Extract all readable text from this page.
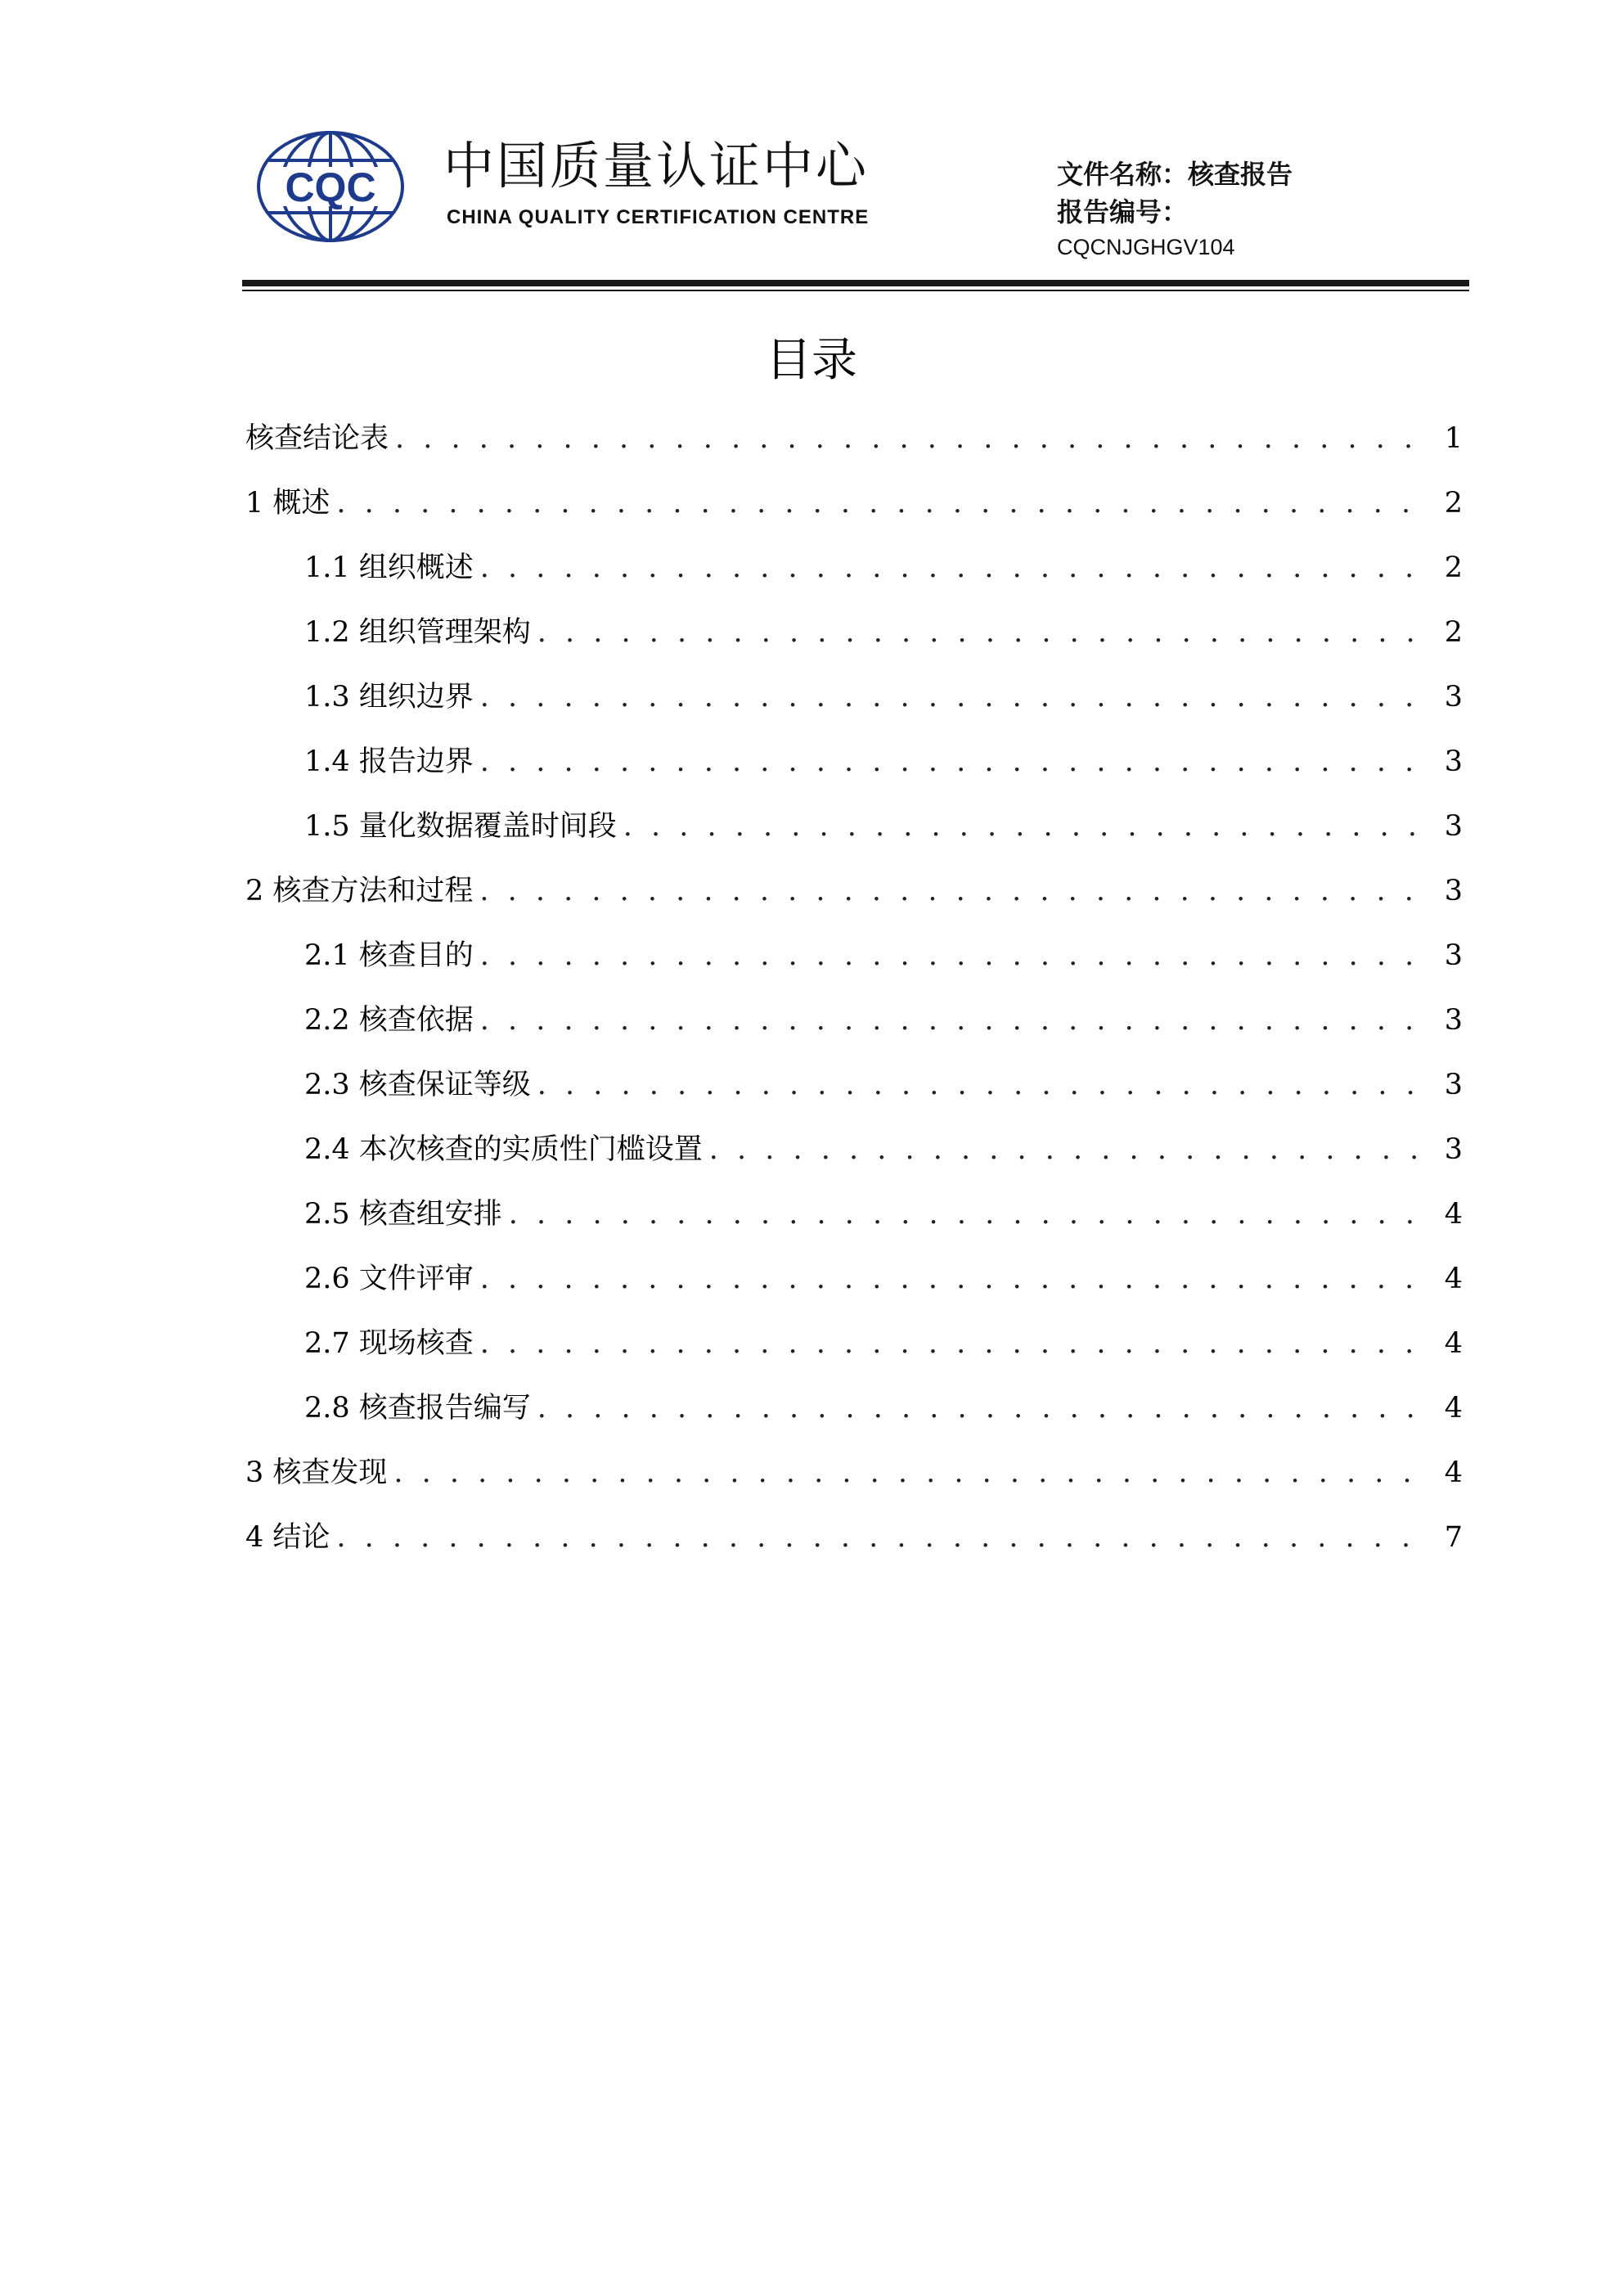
CQC 中国质量认证中心
CHINA QUALITY CERTIFICATION CENTRE
文件名称：核查报告
报告编号：
CQCNJGHGV104
目录
核查结论表 . . .	1
1 概述 . . .	2
1.1 组织概述 . . .	2
1.2 组织管理架构 . . .	2
1.3 组织边界 . . .	3
1.4 报告边界 . . .	3
1.5 量化数据覆盖时间段 . . .	3
2 核查方法和过程 . . .	3
2.1 核查目的 . . .	3
2.2 核查依据 . . .	3
2.3 核查保证等级 . . .	3
2.4 本次核查的实质性门槛设置 . . .	3
2.5 核查组安排 . . .	4
2.6 文件评审 . . .	4
2.7 现场核查 . . .	4
2.8 核查报告编写 . . .	4
3 核查发现 . . .	4
4 结论 . . .	7
